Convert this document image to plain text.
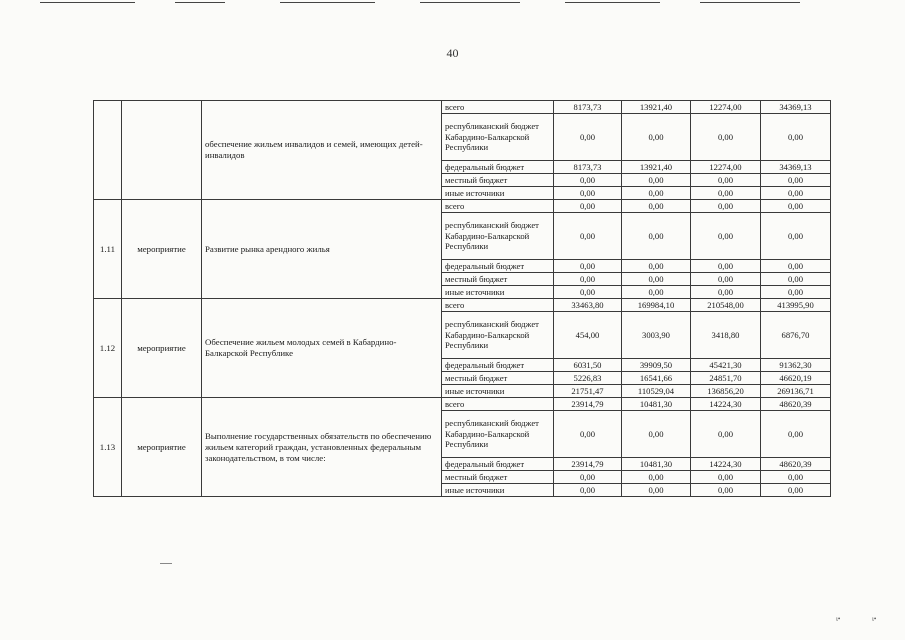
40
		обеспечение жильем инвалидов и семей, имеющих детей-инвалидов	всего	8173,73	13921,40	12274,00	34369,13
			республиканский бюджет Кабардино-Балкарской Республики	0,00	0,00	0,00	0,00
			федеральный бюджет	8173,73	13921,40	12274,00	34369,13
			местный бюджет	0,00	0,00	0,00	0,00
			иные источники	0,00	0,00	0,00	0,00
1.11	мероприятие	Развитие рынка арендного жилья	всего	0,00	0,00	0,00	0,00
			республиканский бюджет Кабардино-Балкарской Республики	0,00	0,00	0,00	0,00
			федеральный бюджет	0,00	0,00	0,00	0,00
			местный бюджет	0,00	0,00	0,00	0,00
			иные источники	0,00	0,00	0,00	0,00
1.12	мероприятие	Обеспечение жильем молодых семей в Кабардино-Балкарской Республике	всего	33463,80	169984,10	210548,00	413995,90
			республиканский бюджет Кабардино-Балкарской Республики	454,00	3003,90	3418,80	6876,70
			федеральный бюджет	6031,50	39909,50	45421,30	91362,30
			местный бюджет	5226,83	16541,66	24851,70	46620,19
			иные источники	21751,47	110529,04	136856,20	269136,71
1.13	мероприятие	Выполнение государственных обязательств по обеспечению жильем категорий граждан, установленных федеральным законодательством, в том числе:	всего	23914,79	10481,30	14224,30	48620,39
			республиканский бюджет Кабардино-Балкарской Республики	0,00	0,00	0,00	0,00
			федеральный бюджет	23914,79	10481,30	14224,30	48620,39
			местный бюджет	0,00	0,00	0,00	0,00
			иные источники	0,00	0,00	0,00	0,00
ι•	ι•
